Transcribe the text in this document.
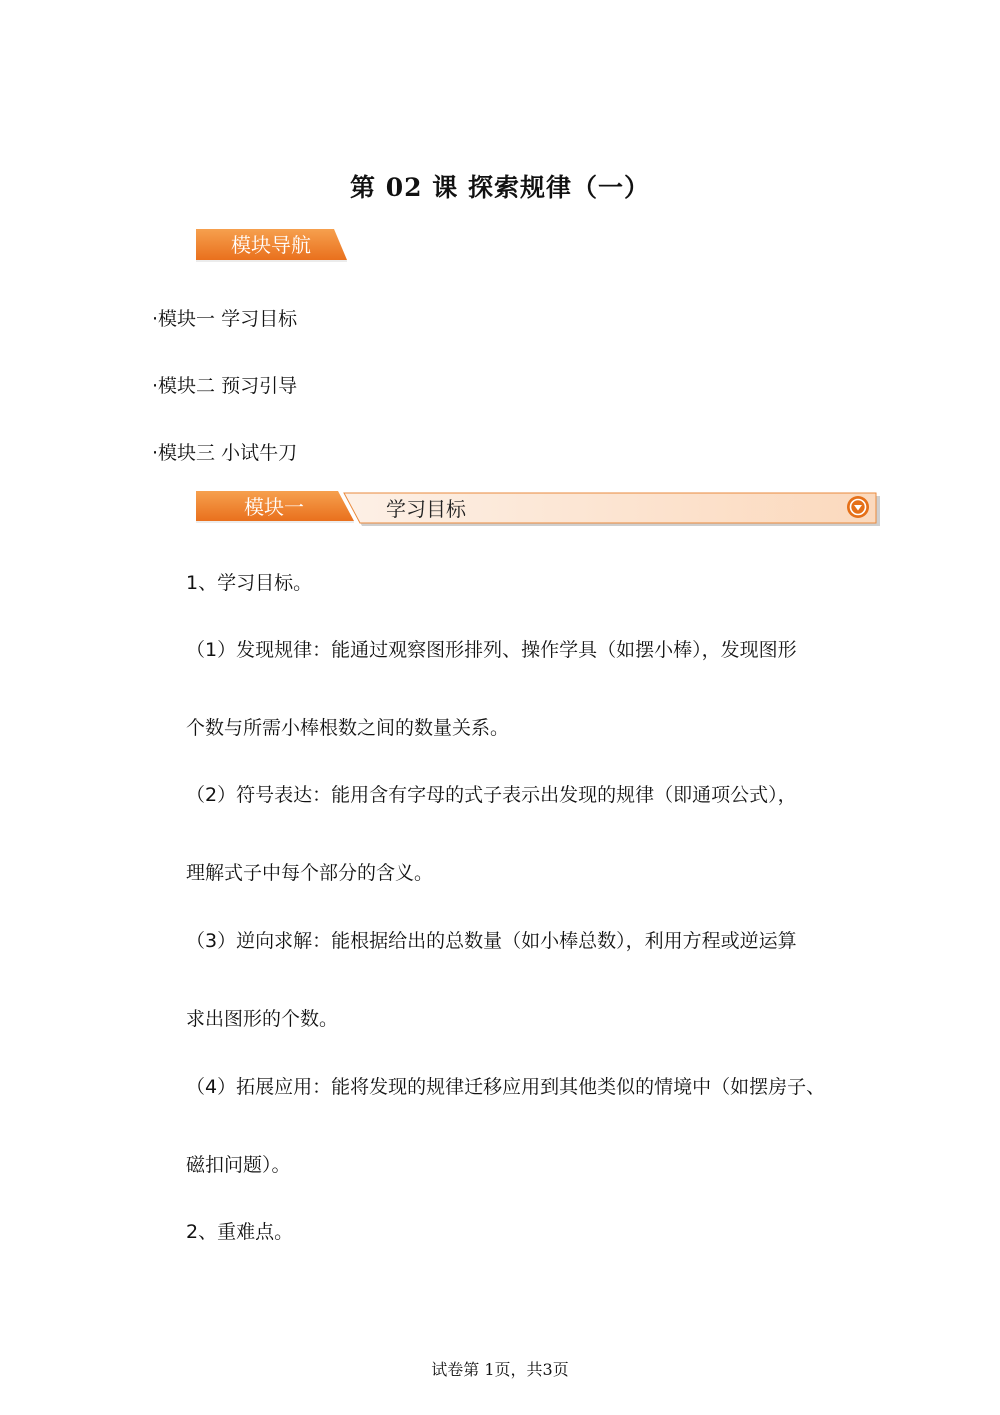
第 02 课 探索规律（一）
模块导航
·模块一 学习目标
·模块二 预习引导
·模块三 小试牛刀
模块一	学习目标
1、学习目标。
（1）发现规律：能通过观察图形排列、操作学具（如摆小棒），发现图形
个数与所需小棒根数之间的数量关系。
（2）符号表达：能用含有字母的式子表示出发现的规律（即通项公式），
理解式子中每个部分的含义。
（3）逆向求解：能根据给出的总数量（如小棒总数），利用方程或逆运算
求出图形的个数。
（4）拓展应用：能将发现的规律迁移应用到其他类似的情境中（如摆房子、
磁扣问题）。
2、重难点。
试卷第 1页，共3页
